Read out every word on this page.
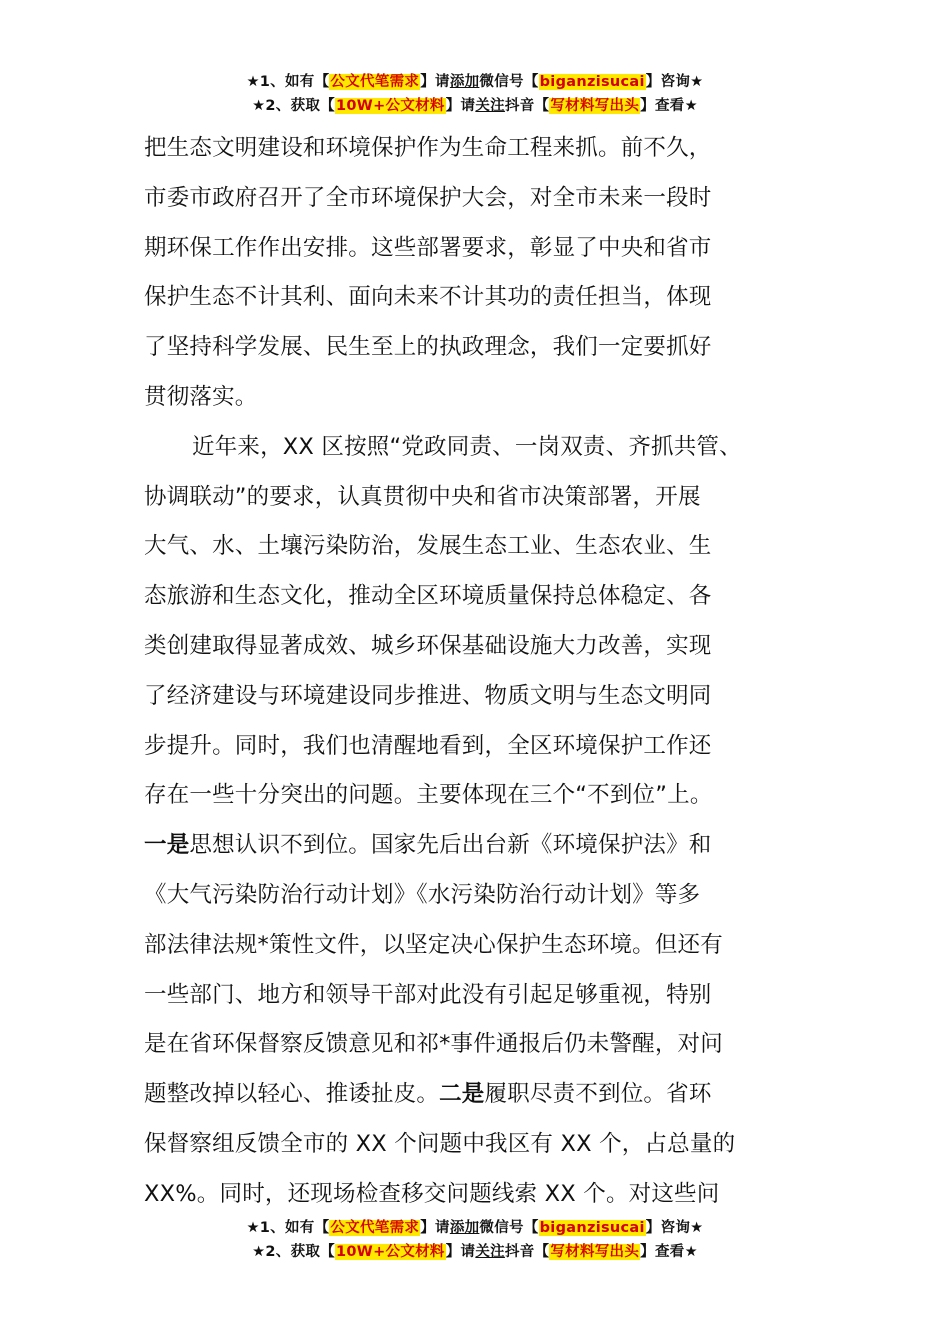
★1、如有【公文代笔需求】请添加微信号【biganzisucai】咨询★
★2、获取【10W+公文材料】请关注抖音【写材料写出头】查看★

把生态文明建设和环境保护作为生命工程来抓。前不久，
市委市政府召开了全市环境保护大会，对全市未来一段时
期环保工作作出安排。这些部署要求，彰显了中央和省市
保护生态不计其利、面向未来不计其功的责任担当，体现
了坚持科学发展、民生至上的执政理念，我们一定要抓好
贯彻落实。

近年来，XX 区按照“党政同责、一岗双责、齐抓共管、
协调联动”的要求，认真贯彻中央和省市决策部署，开展
大气、水、土壤污染防治，发展生态工业、生态农业、生
态旅游和生态文化，推动全区环境质量保持总体稳定、各
类创建取得显著成效、城乡环保基础设施大力改善，实现
了经济建设与环境建设同步推进、物质文明与生态文明同
步提升。同时，我们也清醒地看到，全区环境保护工作还
存在一些十分突出的问题。主要体现在三个“不到位”上。
一是思想认识不到位。国家先后出台新《环境保护法》和
《大气污染防治行动计划》《水污染防治行动计划》等多
部法律法规*策性文件，以坚定决心保护生态环境。但还有
一些部门、地方和领导干部对此没有引起足够重视，特别
是在省环保督察反馈意见和祁*事件通报后仍未警醒，对问
题整改掉以轻心、推诿扯皮。二是履职尽责不到位。省环
保督察组反馈全市的 XX 个问题中我区有 XX 个，占总量的
XX%。同时，还现场检查移交问题线索 XX 个。对这些问

★1、如有【公文代笔需求】请添加微信号【biganzisucai】咨询★
★2、获取【10W+公文材料】请关注抖音【写材料写出头】查看★
